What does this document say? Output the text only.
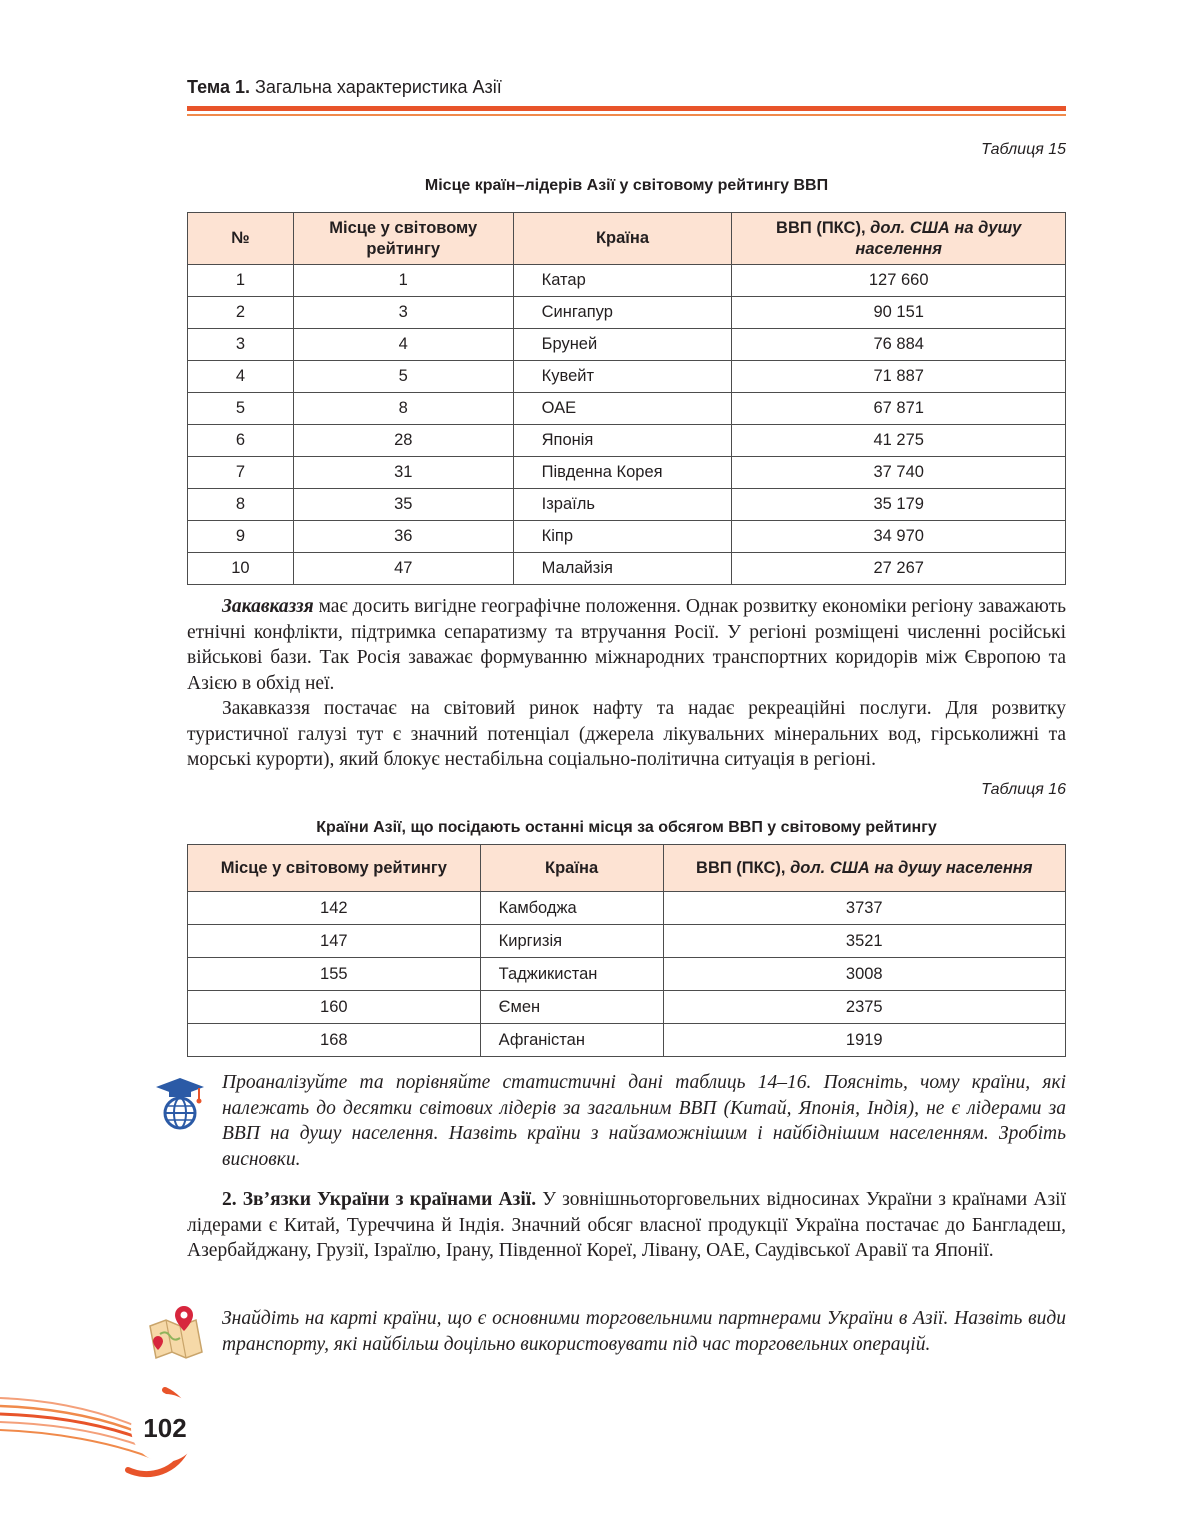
Тема 1. Загальна характеристика Азії
Таблиця 15
Місце країн–лідерів Азії у світовому рейтингу ВВП
№	Місце у світовому рейтингу	Країна	ВВП (ПКС), дол. США на душу населення
1	1	Катар	127 660
2	3	Сингапур	90 151
3	4	Бруней	76 884
4	5	Кувейт	71 887
5	8	ОАЕ	67 871
6	28	Японія	41 275
7	31	Південна Корея	37 740
8	35	Ізраїль	35 179
9	36	Кіпр	34 970
10	47	Малайзія	27 267

Закавказзя має досить вигідне географічне положення. Однак розвитку економіки регіону заважають етнічні конфлікти, підтримка сепаратизму та втручання Росії. У регіоні розміщені численні російські військові бази. Так Росія заважає формуванню міжнародних транспортних коридорів між Європою та Азією в обхід неї.

Закавказзя постачає на світовий ринок нафту та надає рекреаційні послуги. Для розвитку туристичної галузі тут є значний потенціал (джерела лікувальних мінеральних вод, гірськолижні та морські курорти), який блокує нестабільна соціально-політична ситуація в регіоні.

Таблиця 16
Країни Азії, що посідають останні місця за обсягом ВВП у світовому рейтингу
Місце у світовому рейтингу	Країна	ВВП (ПКС), дол. США на душу населення
142	Камбоджа	3737
147	Киргизія	3521
155	Таджикистан	3008
160	Ємен	2375
168	Афганістан	1919

Проаналізуйте та порівняйте статистичні дані таблиць 14–16. Поясніть, чому країни, які належать до десятки світових лідерів за загальним ВВП (Китай, Японія, Індія), не є лідерами за ВВП на душу населення. Назвіть країни з найзаможнішим і найбіднішим населенням. Зробіть висновки.

2. Зв’язки України з країнами Азії. У зовнішньоторговельних відносинах України з країнами Азії лідерами є Китай, Туреччина й Індія. Значний обсяг власної продукції Україна постачає до Бангладеш, Азербайджану, Грузії, Ізраїлю, Ірану, Південної Кореї, Лівану, ОАЕ, Саудівської Аравії та Японії.

Знайдіть на карті країни, що є основними торговельними партнерами України в Азії. Назвіть види транспорту, які найбільш доцільно використовувати під час торговельних операцій.

102
